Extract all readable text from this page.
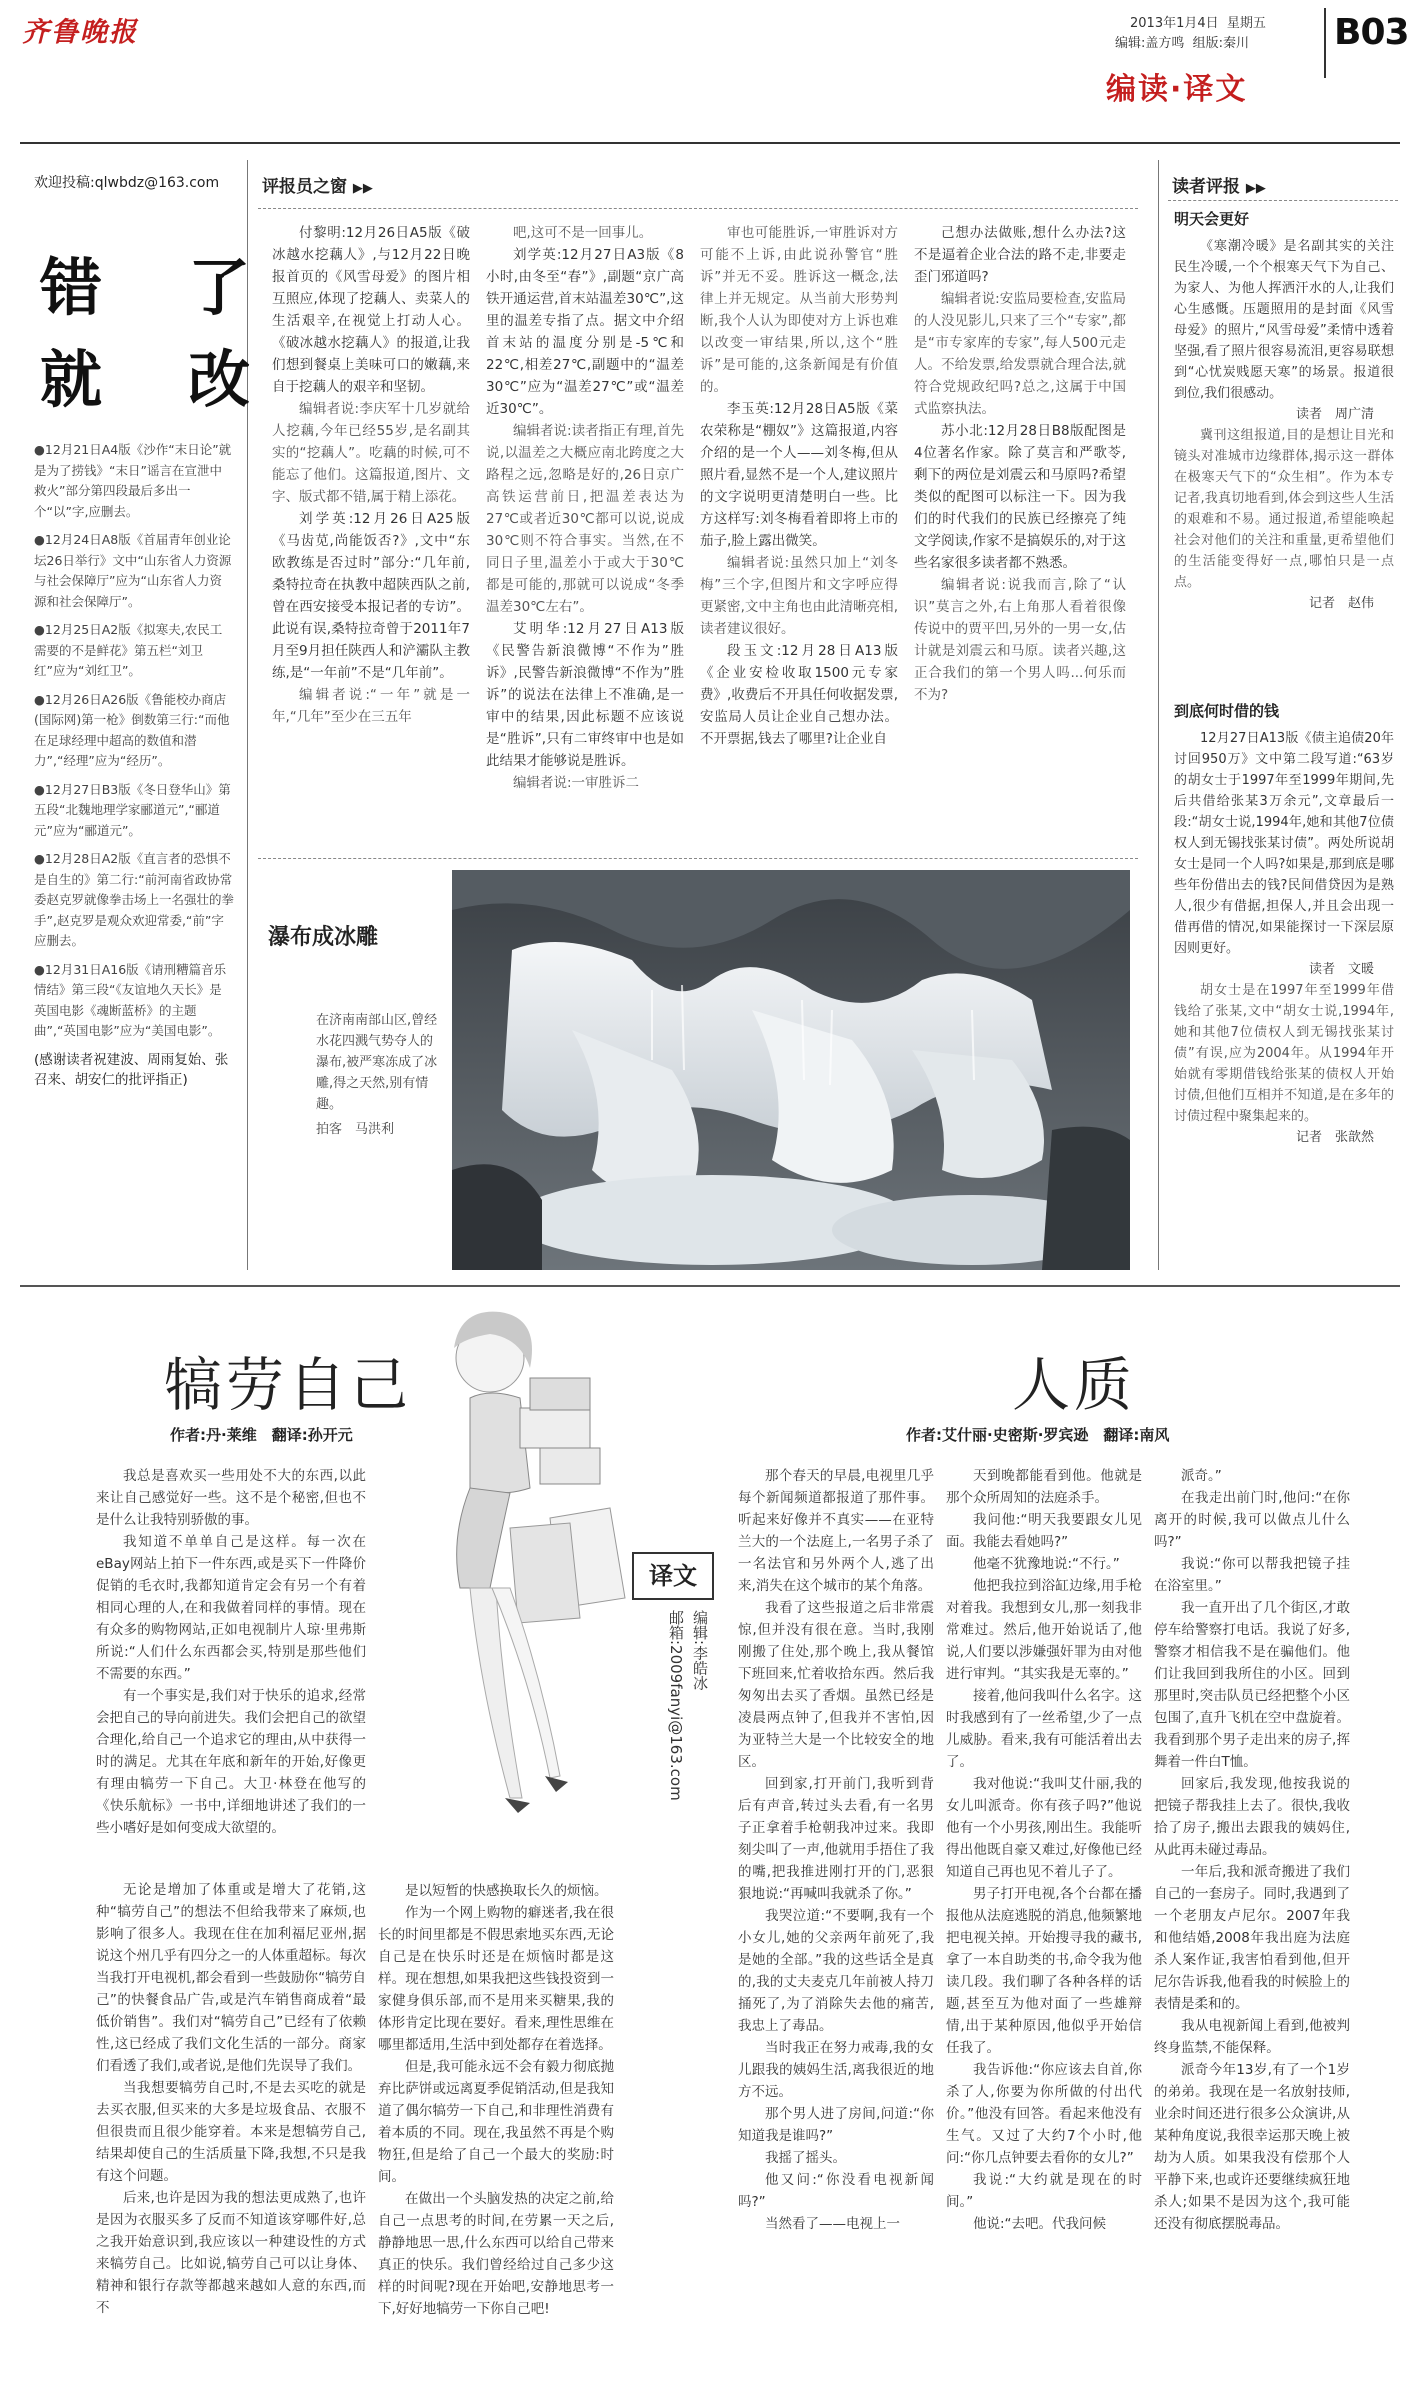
齐鲁晚报	2013年1月4日 星期五
编辑:盖方鸣 组版:秦川 B03
编读·译文
欢迎投稿:qlwbdz@163.com
错　了
就　改
●12月21日A4版《沙作“末日论”就是为了捞钱》“末日”谣言在宣泄中救火”部分第四段最后多出一个“以”字,应删去。
●12月24日A8版《首届青年创业论坛26日举行》文中“山东省人力资源与社会保障厅”应为“山东省人力资源和社会保障厅”。
●12月25日A2版《拟寒夫,农民工需要的不是鲜花》第五栏“刘卫红”应为“刘红卫”。
●12月26日A26版《鲁能校办商店(国际网)第一枪》倒数第三行:“而他在足球经理中超高的数值和潜力”,“经理”应为“经历”。
●12月27日B3版《冬日登华山》第五段“北魏地理学家郦道元”,“郦道元”应为“郦道元”。
●12月28日A2版《直言者的恐惧不是自生的》第二行:“前河南省政协常委赵克罗就像拳击场上一名强壮的拳手”,赵克罗是观众欢迎常委,“前”字应删去。
●12月31日A16版《请刑糟篇音乐情结》第三段“《友谊地久天长》是英国电影《魂断蓝桥》的主题曲”,“英国电影”应为“美国电影”。
(感谢读者祝建波、周雨复始、张召来、胡安仁的批评指正)
评报员之窗 ▶▶

付黎明:12月26日A5版《破冰越水挖藕人》,与12月22日晚报首页的《风雪母爱》的图片相互照应,体现了挖藕人、卖菜人的生活艰辛,在视觉上打动人心。《破冰越水挖藕人》的报道,让我们想到餐桌上美味可口的嫩藕,来自于挖藕人的艰辛和坚韧。

编辑者说:李庆军十几岁就给人挖藕,今年已经55岁,是名副其实的“挖藕人”。吃藕的时候,可不能忘了他们。这篇报道,图片、文字、版式都不错,属于精上添花。

刘学英:12月26日A25版《马齿苋,尚能饭否?》,文中“东欧教练是否过时”部分:“几年前,桑特拉奇在执教中超陕西队之前,曾在西安接受本报记者的专访”。此说有误,桑特拉奇曾于2011年7月至9月担任陕西人和浐灞队主教练,是“一年前”不是“几年前”。

编辑者说:“一年”就是一年,“几年”至少在三五年

吧,这可不是一回事儿。

刘学英:12月27日A3版《8小时,由冬至“春”》,副题“京广高铁开通运营,首末站温差30℃”,这里的温差专指了点。据文中介绍首末站的温度分别是-5℃和22℃,相差27℃,副题中的“温差30℃”应为“温差27℃”或“温差近30℃”。

编辑者说:读者指正有理,首先说,以温差之大概应南北跨度之大路程之远,忽略是好的,26日京广高铁运营前日,把温差表达为27℃或者近30℃都可以说,说成30℃则不符合事实。当然,在不同日子里,温差小于或大于30℃都是可能的,那就可以说成“冬季温差30℃左右”。

艾明华:12月27日A13版《民警告新浪微博“不作为”胜诉》,民警告新浪微博“不作为”胜诉”的说法在法律上不准确,是一审中的结果,因此标题不应该说是“胜诉”,只有二审终审中也是如此结果才能够说是胜诉。

编辑者说:一审胜诉二

审也可能胜诉,一审胜诉对方可能不上诉,由此说孙警官“胜诉”并无不妥。胜诉这一概念,法律上并无规定。从当前大形势判断,我个人认为即使对方上诉也难以改变一审结果,所以,这个“胜诉”是可能的,这条新闻是有价值的。

李玉英:12月28日A5版《菜农荣称是“棚奴”》这篇报道,内容介绍的是一个人——刘冬梅,但从照片看,显然不是一个人,建议照片的文字说明更清楚明白一些。比方这样写:刘冬梅看着即将上市的茄子,脸上露出微笑。

编辑者说:虽然只加上“刘冬梅”三个字,但图片和文字呼应得更紧密,文中主角也由此清晰亮相,读者建议很好。

段玉文:12月28日A13版《企业安检收取1500元专家费》,收费后不开具任何收据发票,安监局人员让企业自己想办法。不开票据,钱去了哪里?让企业自

己想办法做账,想什么办法?这不是逼着企业合法的路不走,非要走歪门邪道吗?

编辑者说:安监局要检查,安监局的人没见影儿,只来了三个“专家”,都是“市专家库的专家”,每人500元走人。不给发票,给发票就合理合法,就符合党规政纪吗?总之,这属于中国式监察执法。

苏小北:12月28日B8版配图是4位著名作家。除了莫言和严歌苓,剩下的两位是刘震云和马原吗?希望类似的配图可以标注一下。因为我们的时代我们的民族已经擦亮了纯文学阅读,作家不是搞娱乐的,对于这些名家很多读者都不熟悉。

编辑者说:说我而言,除了“认识”莫言之外,右上角那人看着很像传说中的贾平凹,另外的一男一女,估计就是刘震云和马原。读者兴趣,这正合我们的第一个男人吗...何乐而不为?

瀑布成冰雕
在济南南部山区,曾经水花四溅气势夺人的瀑布,被严寒冻成了冰雕,得之天然,别有情趣。
拍客　马洪利
读者评报 ▶▶
明天会更好

《寒潮冷暖》是名副其实的关注民生冷暖,一个个根寒天气下为自己、为家人、为他人挥洒汗水的人,让我们心生感慨。压题照用的是封面《风雪母爱》的照片,“风雪母爱”柔情中透着坚强,看了照片很容易流泪,更容易联想到“心忧炭贱愿天寒”的场景。报道很到位,我们很感动。

读者　周广清

冀刊这组报道,目的是想让目光和镜头对准城市边缘群体,揭示这一群体在极寒天气下的“众生相”。作为本专记者,我真切地看到,体会到这些人生活的艰难和不易。通过报道,希望能唤起社会对他们的关注和重量,更希望他们的生活能变得好一点,哪怕只是一点点。

记者　赵伟
到底何时借的钱

12月27日A13版《债主追债20年讨回950万》文中第二段写道:“63岁的胡女士于1997年至1999年期间,先后共借给张某3万余元”,文章最后一段:“胡女士说,1994年,她和其他7位债权人到无锡找张某讨债”。两处所说胡女士是同一个人吗?如果是,那到底是哪些年份借出去的钱?民间借贷因为是熟人,很少有借据,担保人,并且会出现一借再借的情况,如果能探讨一下深层原因则更好。

读者　文暖

胡女士是在1997年至1999年借钱给了张某,文中“胡女士说,1994年,她和其他7位债权人到无锡找张某讨债”有误,应为2004年。从1994年开始就有零期借钱给张某的债权人开始讨债,但他们互相并不知道,是在多年的讨债过程中聚集起来的。

记者　张歆然
犒劳自己
作者:丹·莱维　翻译:孙开元

我总是喜欢买一些用处不大的东西,以此来让自己感觉好一些。这不是个秘密,但也不是什么让我特别骄傲的事。

我知道不单单自己是这样。每一次在eBay网站上拍下一件东西,或是买下一件降价促销的毛衣时,我都知道肯定会有另一个有着相同心理的人,在和我做着同样的事情。现在有众多的购物网站,正如电视制片人琼·里弗斯所说:“人们什么东西都会买,特别是那些他们不需要的东西。”

有一个事实是,我们对于快乐的追求,经常会把自己的导向前进失。我们会把自己的欲望合理化,给自己一个追求它的理由,从中获得一时的满足。尤其在年底和新年的开始,好像更有理由犒劳一下自己。大卫·林登在他写的《快乐航标》一书中,详细地讲述了我们的一些小嗜好是如何变成大欲望的。

无论是增加了体重或是增大了花销,这种“犒劳自己”的想法不但给我带来了麻烦,也影响了很多人。我现在住在加利福尼亚州,据说这个州几乎有四分之一的人体重超标。每次当我打开电视机,都会看到一些鼓励你“犒劳自己”的快餐食品广告,或是汽车销售商成着“最低价销售”。我们对“犒劳自己”已经有了依赖性,这已经成了我们文化生活的一部分。商家们看透了我们,或者说,是他们先误导了我们。

当我想要犒劳自己时,不是去买吃的就是去买衣服,但买来的大多是垃圾食品、衣服不但很贵而且很少能穿着。本来是想犒劳自己,结果却使自己的生活质量下降,我想,不只是我有这个问题。

后来,也许是因为我的想法更成熟了,也许是因为衣服买多了反而不知道该穿哪件好,总之我开始意识到,我应该以一种建设性的方式来犒劳自己。比如说,犒劳自己可以让身体、精神和银行存款等都越来越如人意的东西,而不

是以短暂的快感换取长久的烦恼。

作为一个网上购物的癖迷者,我在很长的时间里都是不假思索地买东西,无论自己是在快乐时还是在烦恼时都是这样。现在想想,如果我把这些钱投资到一家健身俱乐部,而不是用来买糖果,我的体形肯定比现在要好。看来,理性思维在哪里都适用,生活中到处都存在着选择。

但是,我可能永远不会有毅力彻底抛弃比萨饼或远离夏季促销活动,但是我知道了偶尔犒劳一下自己,和非理性消费有着本质的不同。现在,我虽然不再是个购物狂,但是给了自己一个最大的奖励:时间。

在做出一个头脑发热的决定之前,给自己一点思考的时间,在劳累一天之后,静静地思一思,什么东西可以给自己带来真正的快乐。我们曾经给过自己多少这样的时间呢?现在开始吧,安静地思考一下,好好地犒劳一下你自己吧!

译文
编辑:李皓冰
邮箱:2009fanyi@163.com
人质
作者:艾什丽·史密斯·罗宾逊　翻译:南风

那个春天的早晨,电视里几乎每个新闻频道都报道了那件事。听起来好像并不真实——在亚特兰大的一个法庭上,一名男子杀了一名法官和另外两个人,逃了出来,消失在这个城市的某个角落。

我看了这些报道之后非常震惊,但并没有很在意。当时,我刚刚搬了住处,那个晚上,我从餐馆下班回来,忙着收拾东西。然后我匆匆出去买了香烟。虽然已经是凌晨两点钟了,但我并不害怕,因为亚特兰大是一个比较安全的地区。

回到家,打开前门,我听到背后有声音,转过头去看,有一名男子正拿着手枪朝我冲过来。我即刻尖叫了一声,他就用手捂住了我的嘴,把我推进刚打开的门,恶狠狠地说:“再喊叫我就杀了你。”

我哭泣道:“不要啊,我有一个小女儿,她的父亲两年前死了,我是她的全部。”我的这些话全是真的,我的丈夫麦克几年前被人持刀捅死了,为了消除失去他的痛苦,我忠上了毒品。

当时我正在努力戒毒,我的女儿跟我的姨妈生活,离我很近的地方不远。

那个男人进了房间,问道:“你知道我是谁吗?”

我摇了摇头。

他又问:“你没看电视新闻吗?”

当然看了——电视上一

天到晚都能看到他。他就是那个众所周知的法庭杀手。

我问他:“明天我要跟女儿见面。我能去看她吗?”

他毫不犹豫地说:“不行。”

他把我拉到浴缸边缘,用手枪对着我。我想到女儿,那一刻我非常难过。然后,他开始说话了,他说,人们要以涉嫌强奸罪为由对他进行审判。“其实我是无辜的。”

接着,他问我叫什么名字。这时我感到有了一丝希望,少了一点儿威胁。看来,我有可能活着出去了。

我对他说:“我叫艾什丽,我的女儿叫派奇。你有孩子吗?”他说他有一个小男孩,刚出生。我能听得出他既自豪又难过,好像他已经知道自己再也见不着儿子了。

男子打开电视,各个台都在播报他从法庭逃脱的消息,他频繁地把电视关掉。开始搜寻我的藏书,拿了一本自助类的书,命令我为他读几段。我们聊了各种各样的话题,甚至互为他对面了一些雄辩情,出于某种原因,他似乎开始信任我了。

我告诉他:“你应该去自首,你杀了人,你要为你所做的付出代价。”他没有回答。看起来他没有生气。又过了大约7个小时,他问:“你几点钟要去看你的女儿?”

我说:“大约就是现在的时间。”

他说:“去吧。代我问候

派奇。”

在我走出前门时,他问:“在你离开的时候,我可以做点儿什么吗?”

我说:“你可以帮我把镜子挂在浴室里。”

我一直开出了几个街区,才敢停车给警察打电话。我说了好多,警察才相信我不是在骗他们。他们让我回到我所住的小区。回到那里时,突击队员已经把整个小区包围了,直升飞机在空中盘旋着。我看到那个男子走出来的房子,挥舞着一件白T恤。

回家后,我发现,他按我说的把镜子帮我挂上去了。很快,我收拾了房子,搬出去跟我的姨妈住,从此再未碰过毒品。

一年后,我和派奇搬进了我们自己的一套房子。同时,我遇到了一个老朋友卢尼尔。2007年我和他结婚,2008年我出庭为法庭杀人案作证,我害怕看到他,但开尼尔告诉我,他看我的时候脸上的表情是柔和的。

我从电视新闻上看到,他被判终身监禁,不能保释。

派奇今年13岁,有了一个1岁的弟弟。我现在是一名放射技师,业余时间还进行很多公众演讲,从某种角度说,我很幸运那天晚上被劫为人质。如果我没有偿那个人平静下来,也或许还要继续疯狂地杀人;如果不是因为这个,我可能还没有彻底摆脱毒品。
